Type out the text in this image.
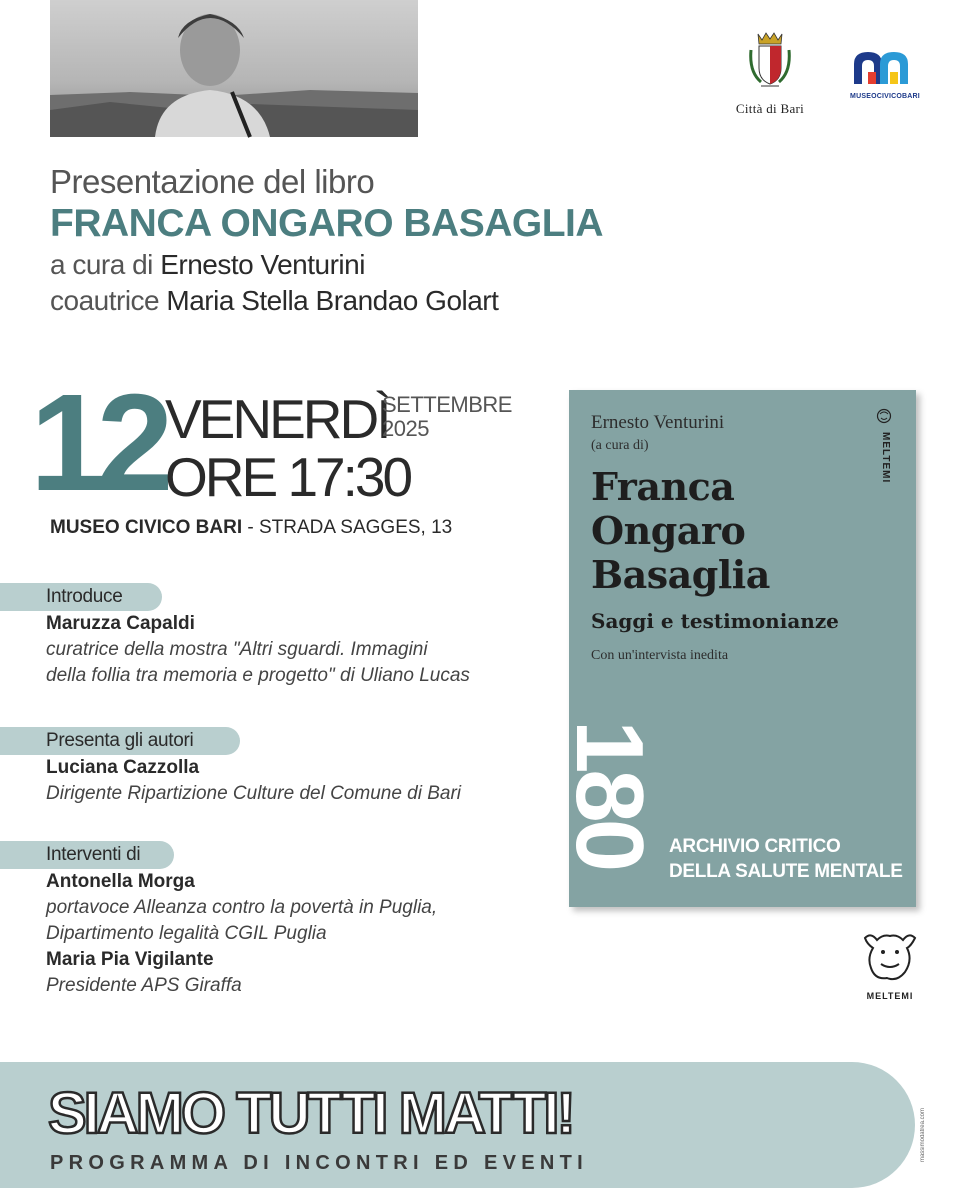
Città di Bari
MUSEOCIVICOBARI
Presentazione del libro
FRANCA ONGARO BASAGLIA
a cura di Ernesto Venturini
coautrice Maria Stella Brandao Golart
12 VENERDÌ
ORE 17:30
SETTEMBRE
2025
MUSEO CIVICO BARI - STRADA SAGGES, 13
Introduce
Maruzza Capaldi
curatrice della mostra "Altri sguardi. Immagini
della follia tra memoria e progetto" di Uliano Lucas
Presenta gli autori
Luciana Cazzolla
Dirigente Ripartizione Culture del Comune di Bari
Interventi di
Antonella Morga
portavoce Alleanza contro la povertà in Puglia,
Dipartimento legalità CGIL Puglia
Maria Pia Vigilante
Presidente APS Giraffa
Ernesto Venturini
(a cura di)
Franca
Ongaro
Basaglia
Saggi e testimonianze
Con un'intervista inedita
MELTEMI
180 ARCHIVIO CRITICO
DELLA SALUTE MENTALE
MELTEMI
SIAMO TUTTI MATTI!
PROGRAMMA DI INCONTRI ED EVENTI
massimodatrea.com
